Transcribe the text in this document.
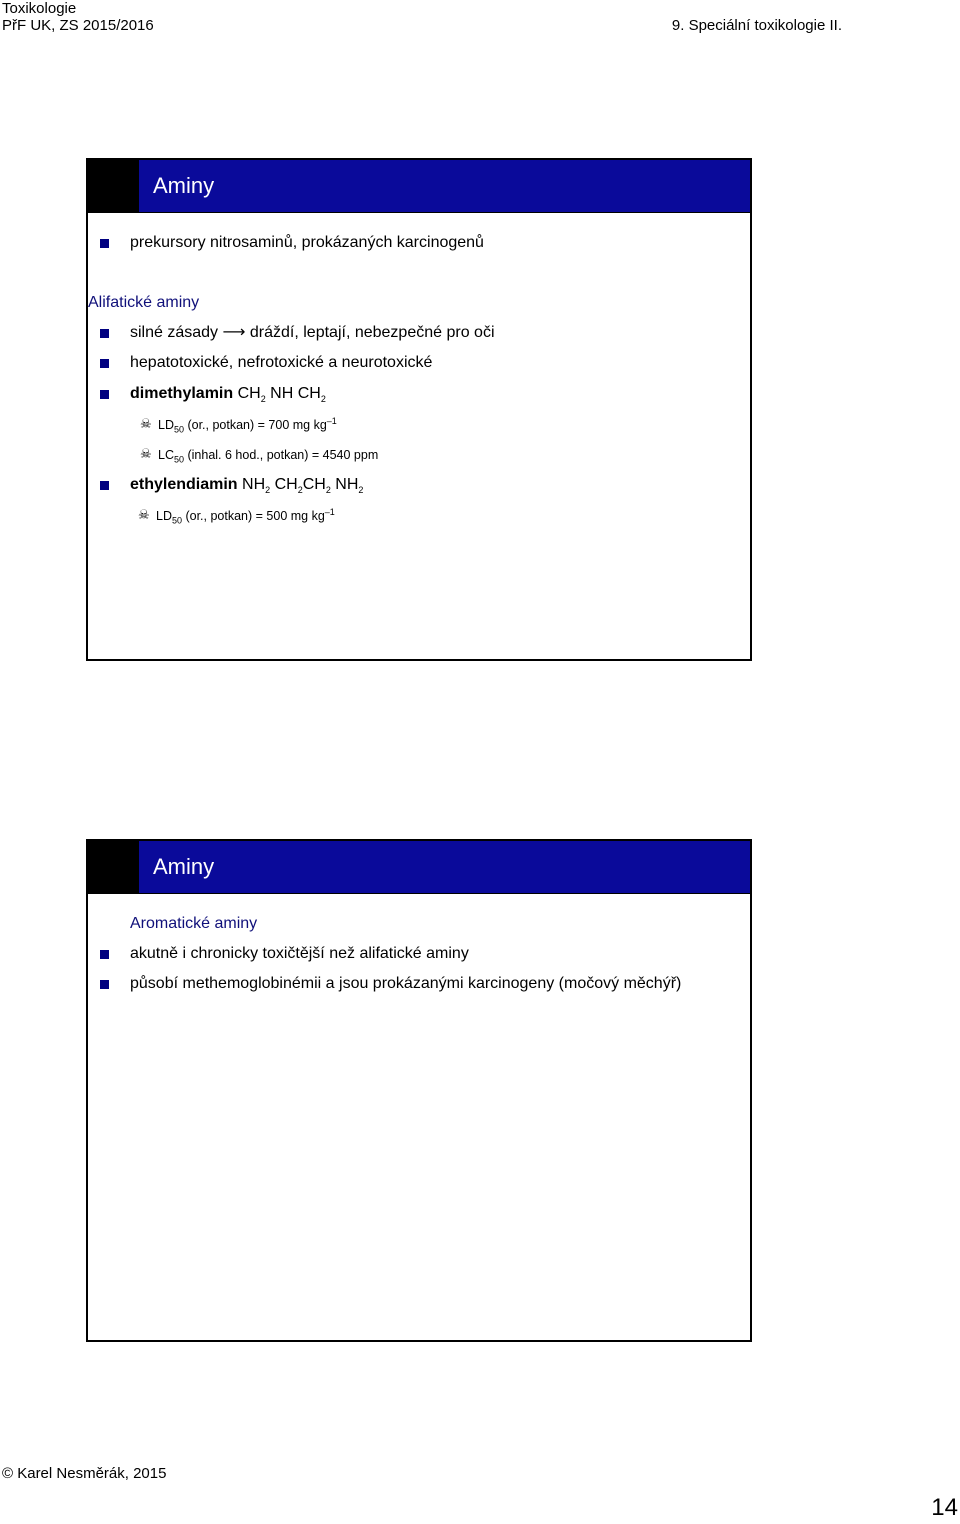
Toxikologie
PřF UK, ZS 2015/2016	9. Speciální toxikologie II.
Aminy
prekursory nitrosaminů, prokázaných karcinogenů
Alifatické aminy
silné zásady ⟶ dráždí, leptají, nebezpečné pro oči
hepatotoxické, nefrotoxické a neurotoxické
dimethylamin $CH_2$ NH $CH_2$
☠ $LD_{50}$ (or., potkan) = 700 mg $kg^{-1}$
☠ $LC_{50}$ (inhal. 6 hod., potkan) = 4540 ppm
ethylendiamin $NH_2$ $CH_2CH_2$ $NH_2$
☠ $LD_{50}$ (or., potkan) = 500 mg $kg^{-1}$
Aminy
Aromatické aminy
akutně i chronicky toxičtější než alifatické aminy
působí methemoglobinémii a jsou prokázanými karcinogeny (močový měchýř)
© Karel Nesměrák, 2015
14
